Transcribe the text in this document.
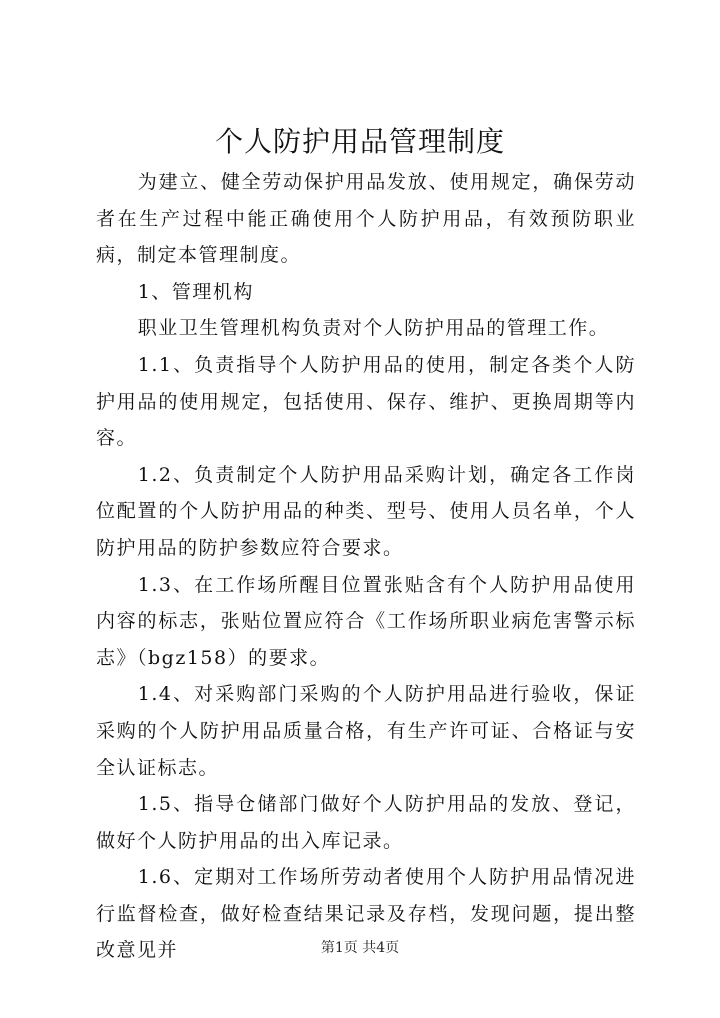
个人防护用品管理制度

为建立、健全劳动保护用品发放、使用规定，确保劳动者在生产过程中能正确使用个人防护用品，有效预防职业病，制定本管理制度。

1、管理机构

职业卫生管理机构负责对个人防护用品的管理工作。

1.1、负责指导个人防护用品的使用，制定各类个人防护用品的使用规定，包括使用、保存、维护、更换周期等内容。

1.2、负责制定个人防护用品采购计划，确定各工作岗位配置的个人防护用品的种类、型号、使用人员名单，个人防护用品的防护参数应符合要求。

1.3、在工作场所醒目位置张贴含有个人防护用品使用内容的标志，张贴位置应符合《工作场所职业病危害警示标志》（bgz158）的要求。

1.4、对采购部门采购的个人防护用品进行验收，保证采购的个人防护用品质量合格，有生产许可证、合格证与安全认证标志。

1.5、指导仓储部门做好个人防护用品的发放、登记，做好个人防护用品的出入库记录。

1.6、定期对工作场所劳动者使用个人防护用品情况进行监督检查，做好检查结果记录及存档，发现问题，提出整改意见并	第1页 共4页
